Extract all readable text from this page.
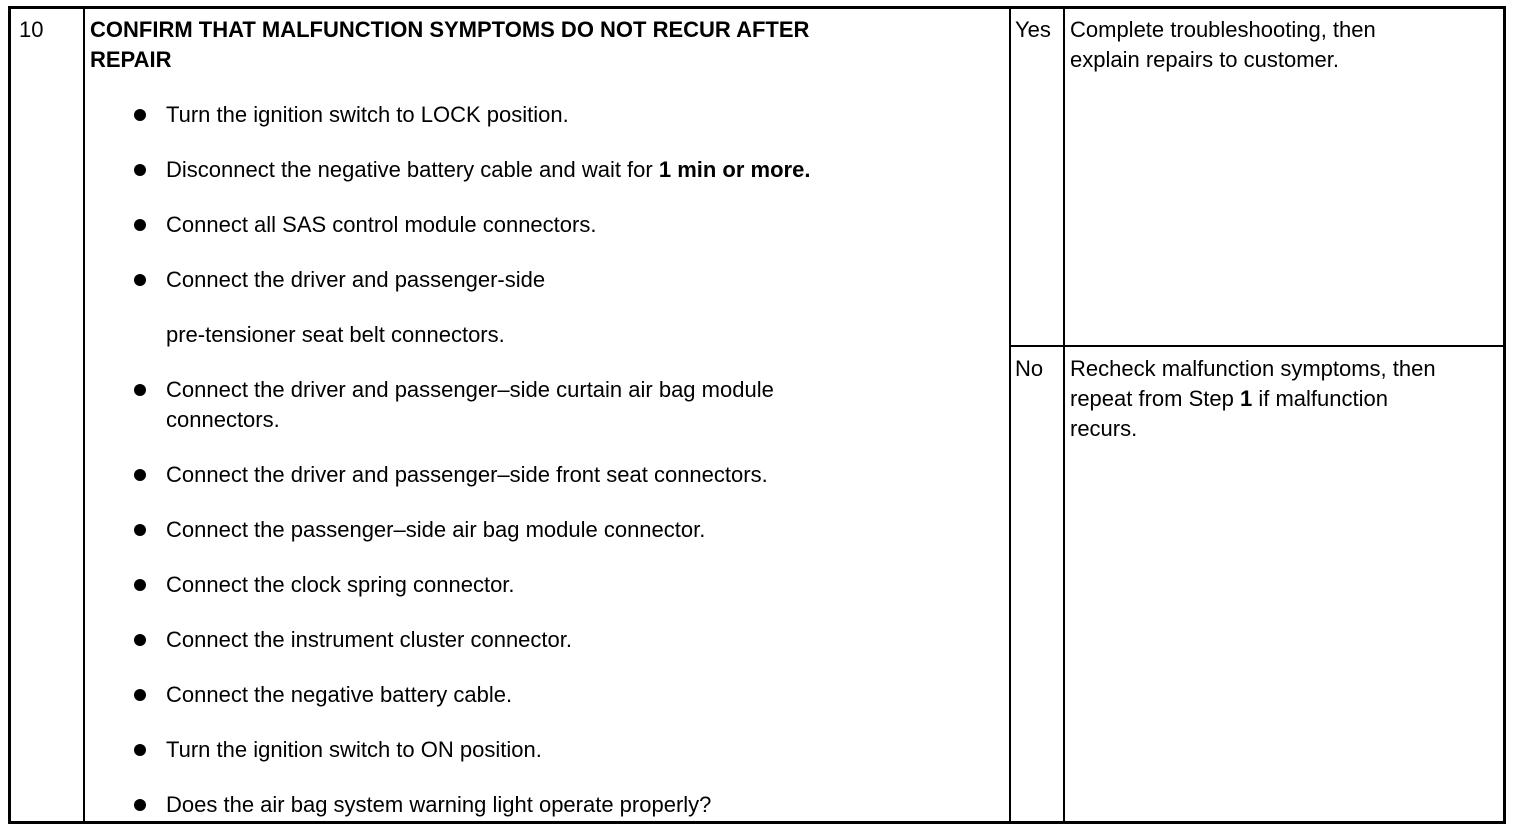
10 CONFIRM THAT MALFUNCTION SYMPTOMS DO NOT RECUR AFTER
REPAIR
Turn the ignition switch to LOCK position.
Disconnect the negative battery cable and wait for 1 min or more.
Connect all SAS control module connectors.
Connect the driver and passenger-side
pre-tensioner seat belt connectors.
Connect the driver and passenger–side curtain air bag module
connectors.
Connect the driver and passenger–side front seat connectors.
Connect the passenger–side air bag module connector.
Connect the clock spring connector.
Connect the instrument cluster connector.
Connect the negative battery cable.
Turn the ignition switch to ON position.
Does the air bag system warning light operate properly?
Yes Complete troubleshooting, then
explain repairs to customer.
No Recheck malfunction symptoms, then
repeat from Step 1 if malfunction
recurs.
